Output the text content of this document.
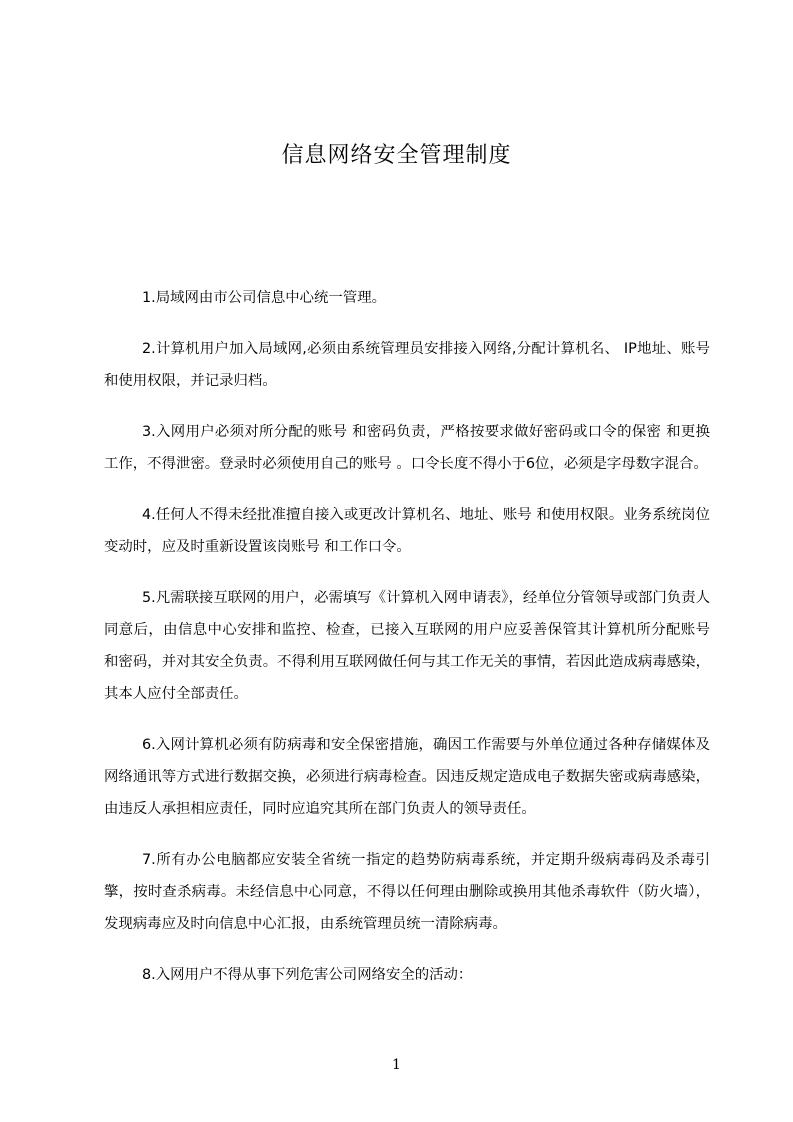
信息网络安全管理制度

1.局域网由市公司信息中心统一管理。

2.计算机用户加入局域网,必须由系统管理员安排接入网络,分配计算机名、 IP地址、账号 和使用权限，并记录归档。

3.入网用户必须对所分配的账号 和密码负责，严格按要求做好密码或口令的保密 和更换工作，不得泄密。登录时必须使用自己的账号 。口令长度不得小于6位，必须是字母数字混合。

4.任何人不得未经批准擅自接入或更改计算机名、地址、账号 和使用权限。业务系统岗位变动时，应及时重新设置该岗账号 和工作口令。

5.凡需联接互联网的用户，必需填写《计算机入网申请表》，经单位分管领导或部门负责人同意后，由信息中心安排和监控、检查，已接入互联网的用户应妥善保管其计算机所分配账号 和密码，并对其安全负责。不得利用互联网做任何与其工作无关的事情，若因此造成病毒感染，其本人应付全部责任。

6.入网计算机必须有防病毒和安全保密措施，确因工作需要与外单位通过各种存储媒体及网络通讯等方式进行数据交换，必须进行病毒检查。因违反规定造成电子数据失密或病毒感染，由违反人承担相应责任，同时应追究其所在部门负责人的领导责任。

7.所有办公电脑都应安装全省统一指定的趋势防病毒系统，并定期升级病毒码及杀毒引擎，按时查杀病毒。未经信息中心同意，不得以任何理由删除或换用其他杀毒软件（防火墙），发现病毒应及时向信息中心汇报，由系统管理员统一清除病毒。

8.入网用户不得从事下列危害公司网络安全的活动：

1
